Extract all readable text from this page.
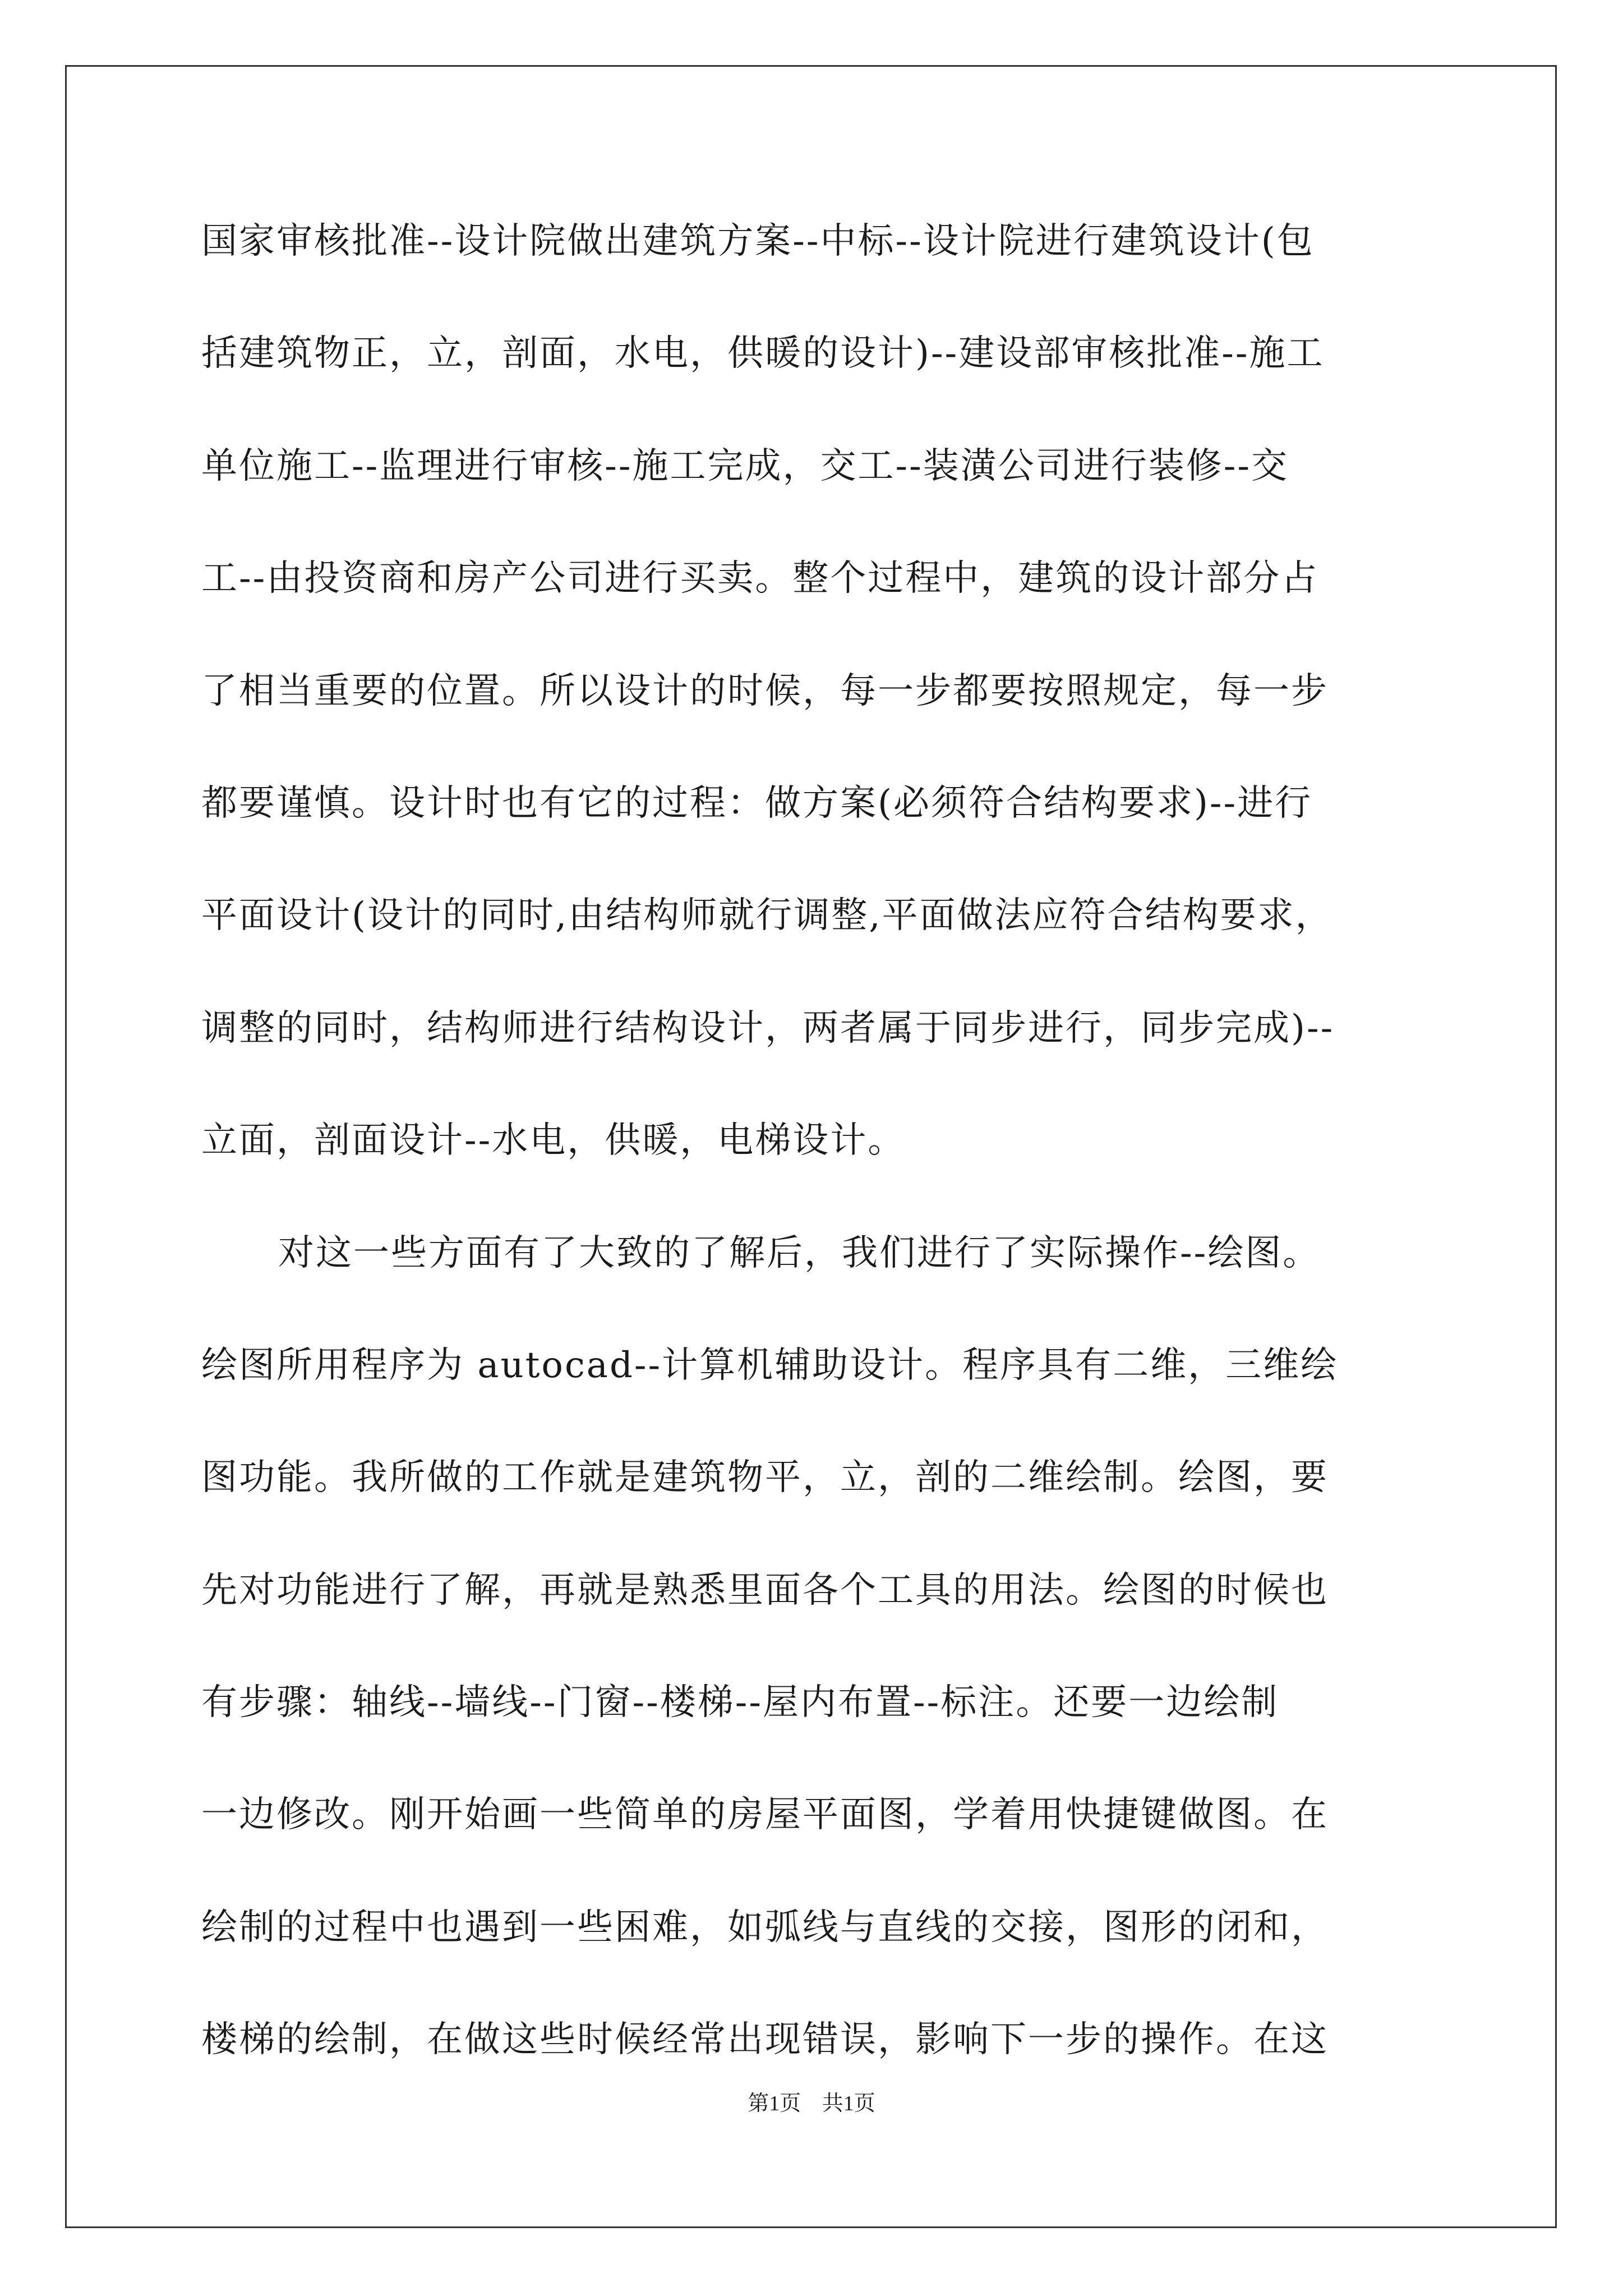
国家审核批准--设计院做出建筑方案--中标--设计院进行建筑设计(包
括建筑物正，立，剖面，水电，供暖的设计)--建设部审核批准--施工
单位施工--监理进行审核--施工完成，交工--装潢公司进行装修--交
工--由投资商和房产公司进行买卖。整个过程中，建筑的设计部分占
了相当重要的位置。所以设计的时候，每一步都要按照规定，每一步
都要谨慎。设计时也有它的过程：做方案(必须符合结构要求)--进行
平面设计(设计的同时,由结构师就行调整,平面做法应符合结构要求，
调整的同时，结构师进行结构设计，两者属于同步进行，同步完成)--
立面，剖面设计--水电，供暖，电梯设计。
对这一些方面有了大致的了解后，我们进行了实际操作--绘图。
绘图所用程序为 autocad--计算机辅助设计。程序具有二维，三维绘
图功能。我所做的工作就是建筑物平，立，剖的二维绘制。绘图，要
先对功能进行了解，再就是熟悉里面各个工具的用法。绘图的时候也
有步骤：轴线--墙线--门窗--楼梯--屋内布置--标注。还要一边绘制
一边修改。刚开始画一些简单的房屋平面图，学着用快捷键做图。在
绘制的过程中也遇到一些困难，如弧线与直线的交接，图形的闭和，
楼梯的绘制，在做这些时候经常出现错误，影响下一步的操作。在这
第1页 共1页
